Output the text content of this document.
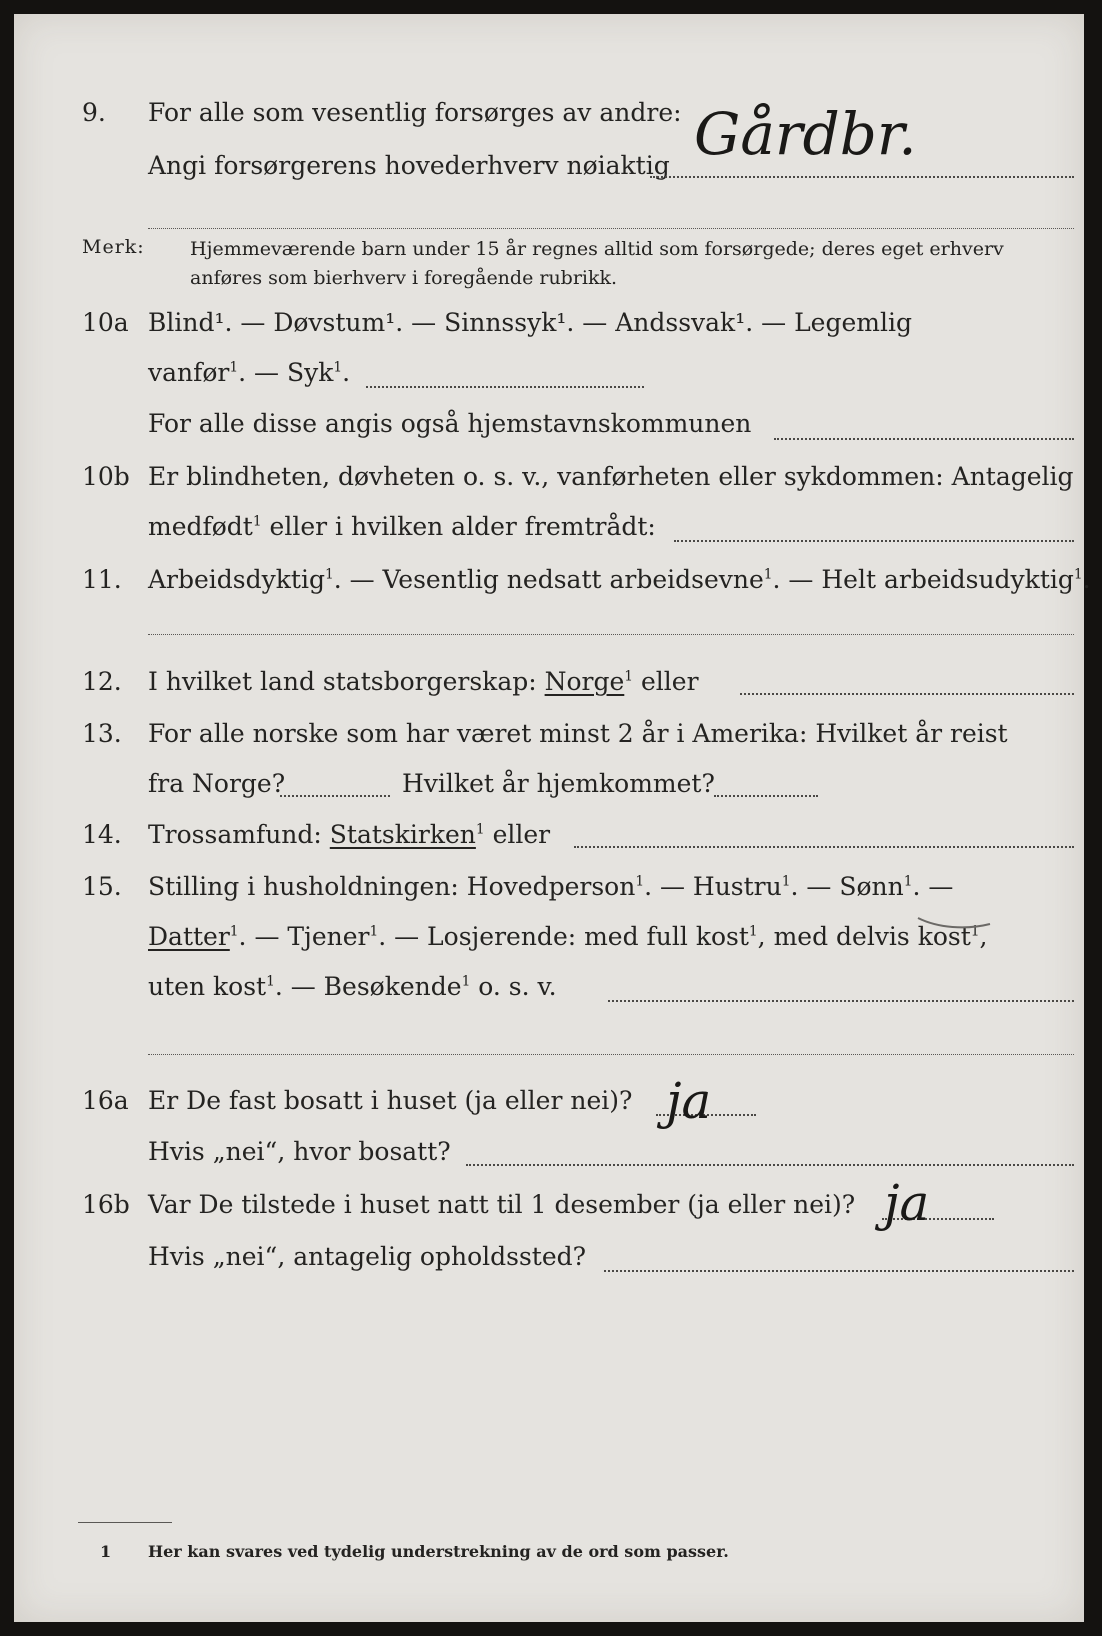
9. For alle som vesentlig forsørges av andre:
Angi forsørgerens hovederhverv nøiaktig Gårdbr.
Merk: Hjemmeværende barn under 15 år regnes alltid som forsørgede; deres eget erhverv
anføres som bierhverv i foregående rubrikk.
10a Blind¹. — Døvstum¹. — Sinnssyk¹. — Andssvak¹. — Legemlig
vanfør$^1$. — Syk$^1$.
For alle disse angis også hjemstavnskommunen
10b Er blindheten, døvheten o. s. v., vanførheten eller sykdommen: Antagelig
medfødt$^1$ eller i hvilken alder fremtrådt:
11. Arbeidsdyktig$^1$. — Vesentlig nedsatt arbeidsevne$^1$. — Helt arbeidsudyktig$^1$.
12. I hvilket land statsborgerskap: Norge$^1$ eller
13. For alle norske som har været minst 2 år i Amerika: Hvilket år reist
fra Norge?	Hvilket år hjemkommet?
14. Trossamfund: Statskirken$^1$ eller
15. Stilling i husholdningen: Hovedperson$^1$. — Hustru$^1$. — Sønn$^1$. —
Datter$^1$. — Tjener$^1$. — Losjerende: med full kost$^1$, med delvis kost$^1$,
uten kost$^1$. — Besøkende$^1$ o. s. v.
16a Er De fast bosatt i huset (ja eller nei)? ja
Hvis „nei“, hvor bosatt?
16b Var De tilstede i huset natt til 1 desember (ja eller nei)? ja
Hvis „nei“, antagelig opholdssted?
1 Her kan svares ved tydelig understrekning av de ord som passer.
